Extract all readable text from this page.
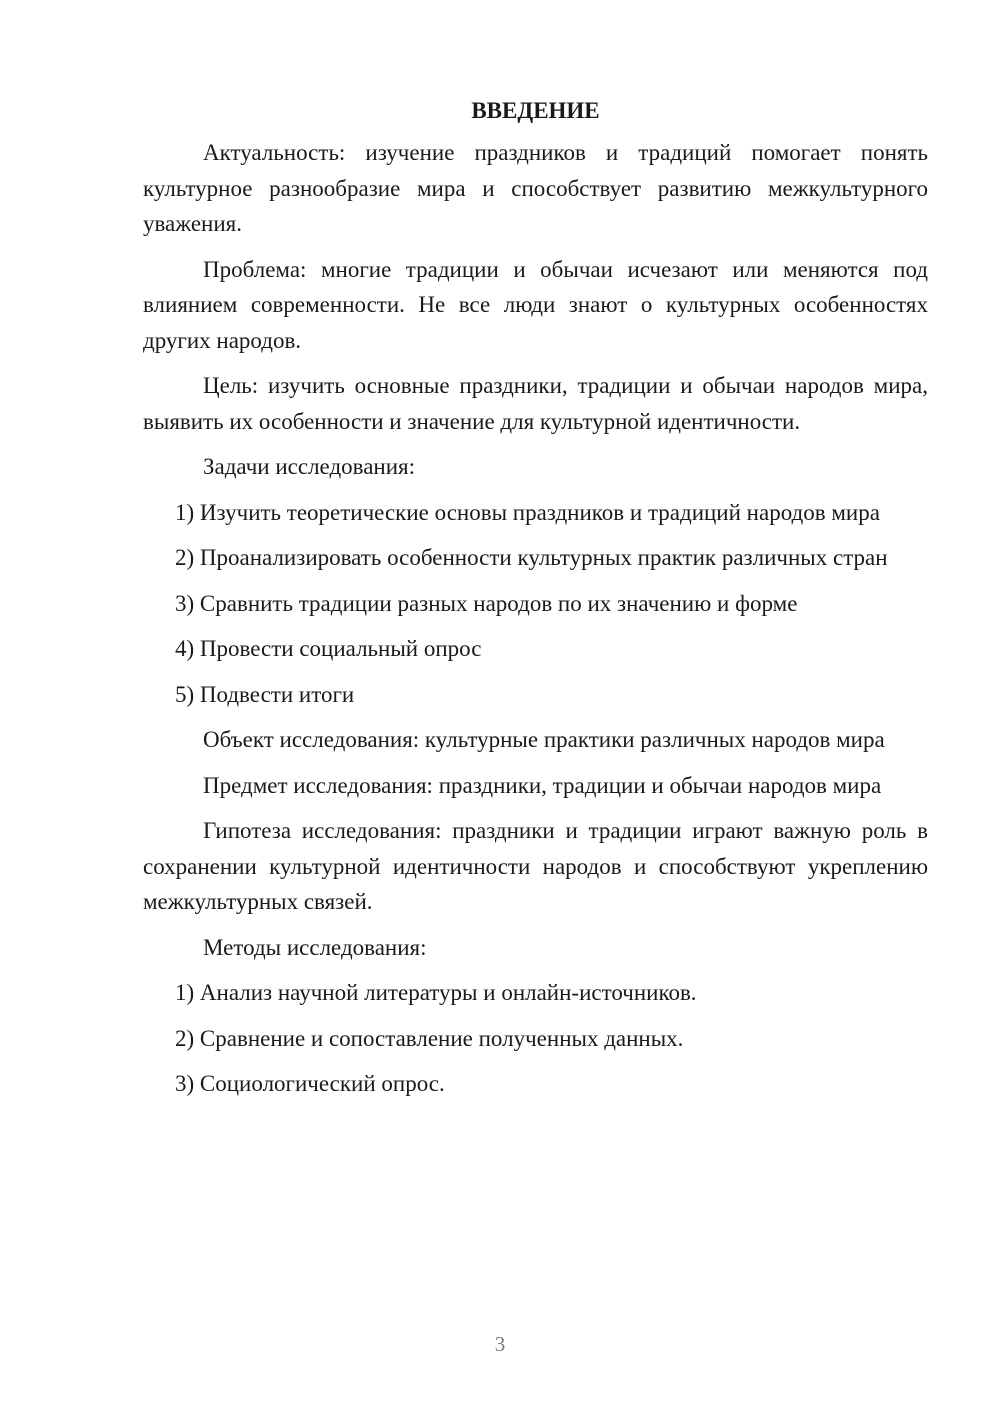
ВВЕДЕНИЕ
Актуальность: изучение праздников и традиций помогает понять культурное разнообразие мира и способствует развитию межкультурного уважения.
Проблема: многие традиции и обычаи исчезают или меняются под влиянием современности. Не все люди знают о культурных особенностях других народов.
Цель: изучить основные праздники, традиции и обычаи народов мира, выявить их особенности и значение для культурной идентичности.
Задачи исследования:
1) Изучить теоретические основы праздников и традиций народов мира
2) Проанализировать особенности культурных практик различных стран
3) Сравнить традиции разных народов по их значению и форме
4) Провести социальный опрос
5) Подвести итоги
Объект исследования: культурные практики различных народов мира
Предмет исследования: праздники, традиции и обычаи народов мира
Гипотеза исследования: праздники и традиции играют важную роль в сохранении культурной идентичности народов и способствуют укреплению межкультурных связей.
Методы исследования:
1) Анализ научной литературы и онлайн-источников.
2) Сравнение и сопоставление полученных данных.
3) Социологический опрос.
3
